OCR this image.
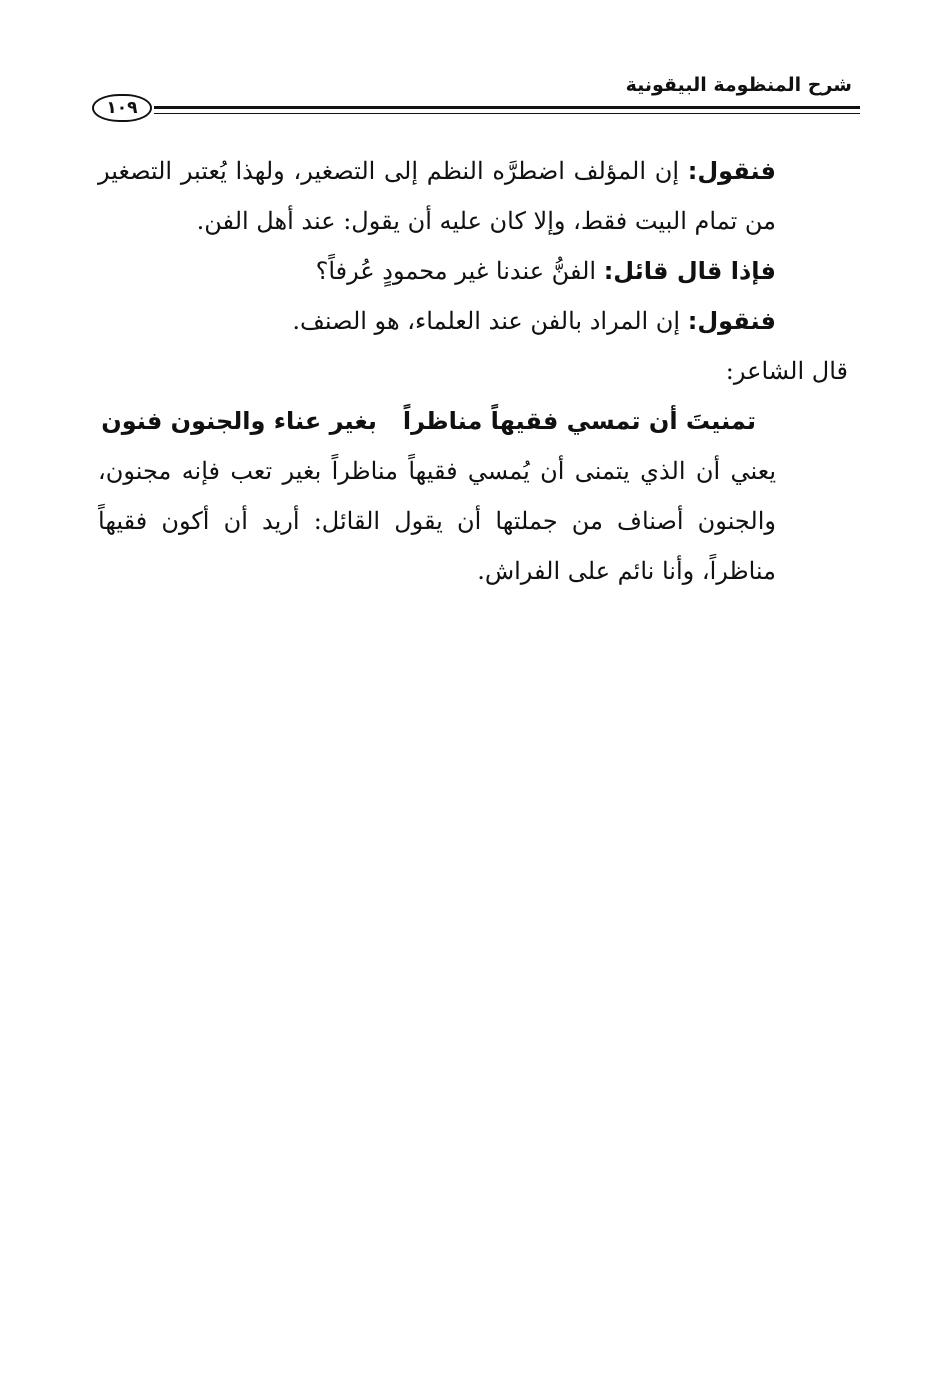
شرح المنظومة البيقونية
١٠٩

فنقول: إن المؤلف اضطرَّه النظم إلى التصغير، ولهذا يُعتبر التصغير من تمام البيت فقط، وإلا كان عليه أن يقول: عند أهل الفن.

فإذا قال قائل: الفنُّ عندنا غير محمودٍ عُرفاً؟

فنقول: إن المراد بالفن عند العلماء، هو الصنف.

قال الشاعر:

تمنيتَ أن تمسي فقيهاً مناظراًبغير عناء والجنون فنون

يعني أن الذي يتمنى أن يُمسي فقيهاً مناظراً بغير تعب فإنه مجنون، والجنون أصناف من جملتها أن يقول القائل: أريد أن أكون فقيهاً مناظراً، وأنا نائم على الفراش.
